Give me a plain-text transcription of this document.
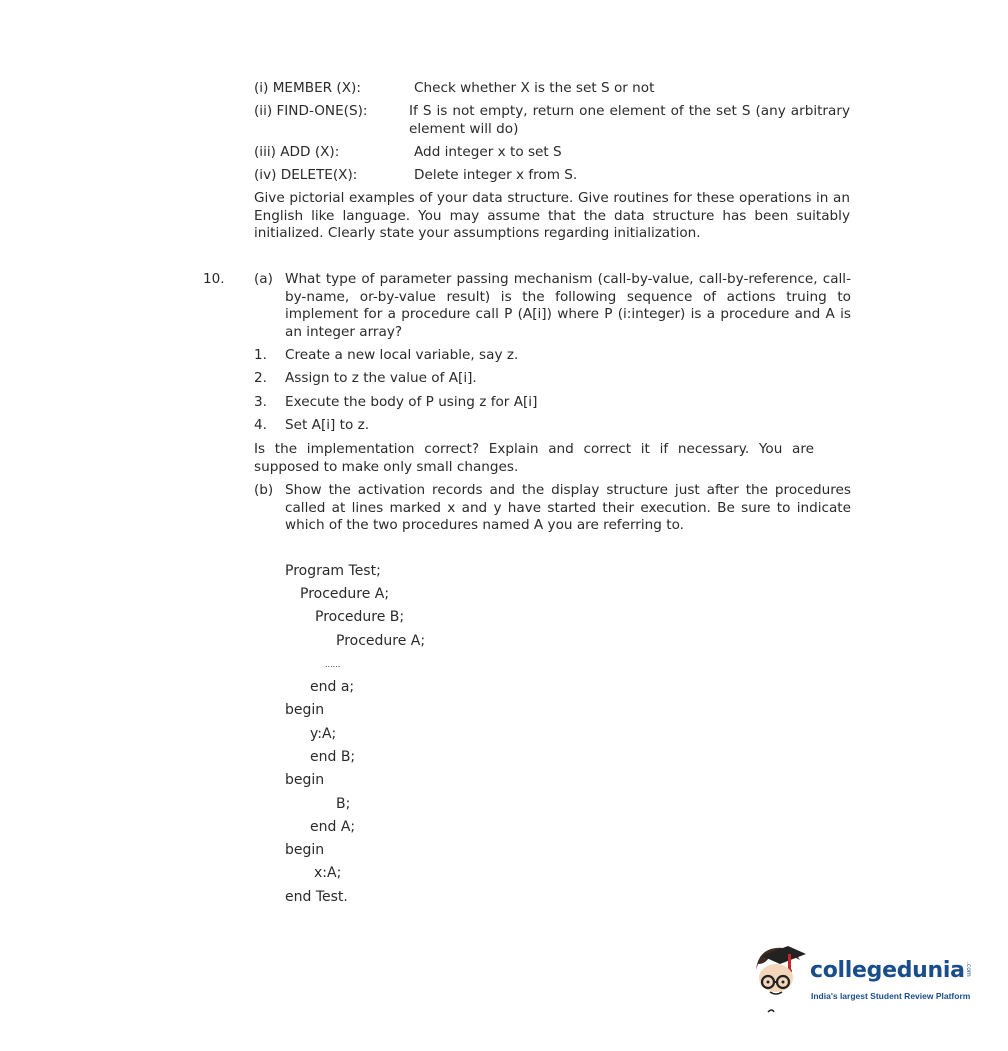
(i) MEMBER (X):	Check whether X is the set S or not
(ii) FIND-ONE(S):	If S is not empty, return one element of the set S (any arbitrary element will do)
(iii) ADD (X):	Add integer x to set S
(iv) DELETE(X):	Delete integer x from S.
Give pictorial examples of your data structure. Give routines for these operations in an English like language. You may assume that the data structure has been suitably initialized. Clearly state your assumptions regarding initialization.
10. (a) What type of parameter passing mechanism (call-by-value, call-by-reference, call-by-name, or-by-value result) is the following sequence of actions truing to implement for a procedure call P (A[i]) where P (i:integer) is a procedure and A is an integer array?
1. Create a new local variable, say z.
2. Assign to z the value of A[i].
3. Execute the body of P using z for A[i]
4. Set A[i] to z.
Is the implementation correct? Explain and correct it if necessary. You are supposed to make only small changes.
(b) Show the activation records and the display structure just after the procedures called at lines marked x and y have started their execution. Be sure to indicate which of the two procedures named A you are referring to.
Program Test;
Procedure A;
Procedure B;
Procedure A;
......
end a;
begin
y:A;
end B;
begin
B;
end A;
begin
x:A;
end Test.
collegedunia .com
India's largest Student Review Platform
